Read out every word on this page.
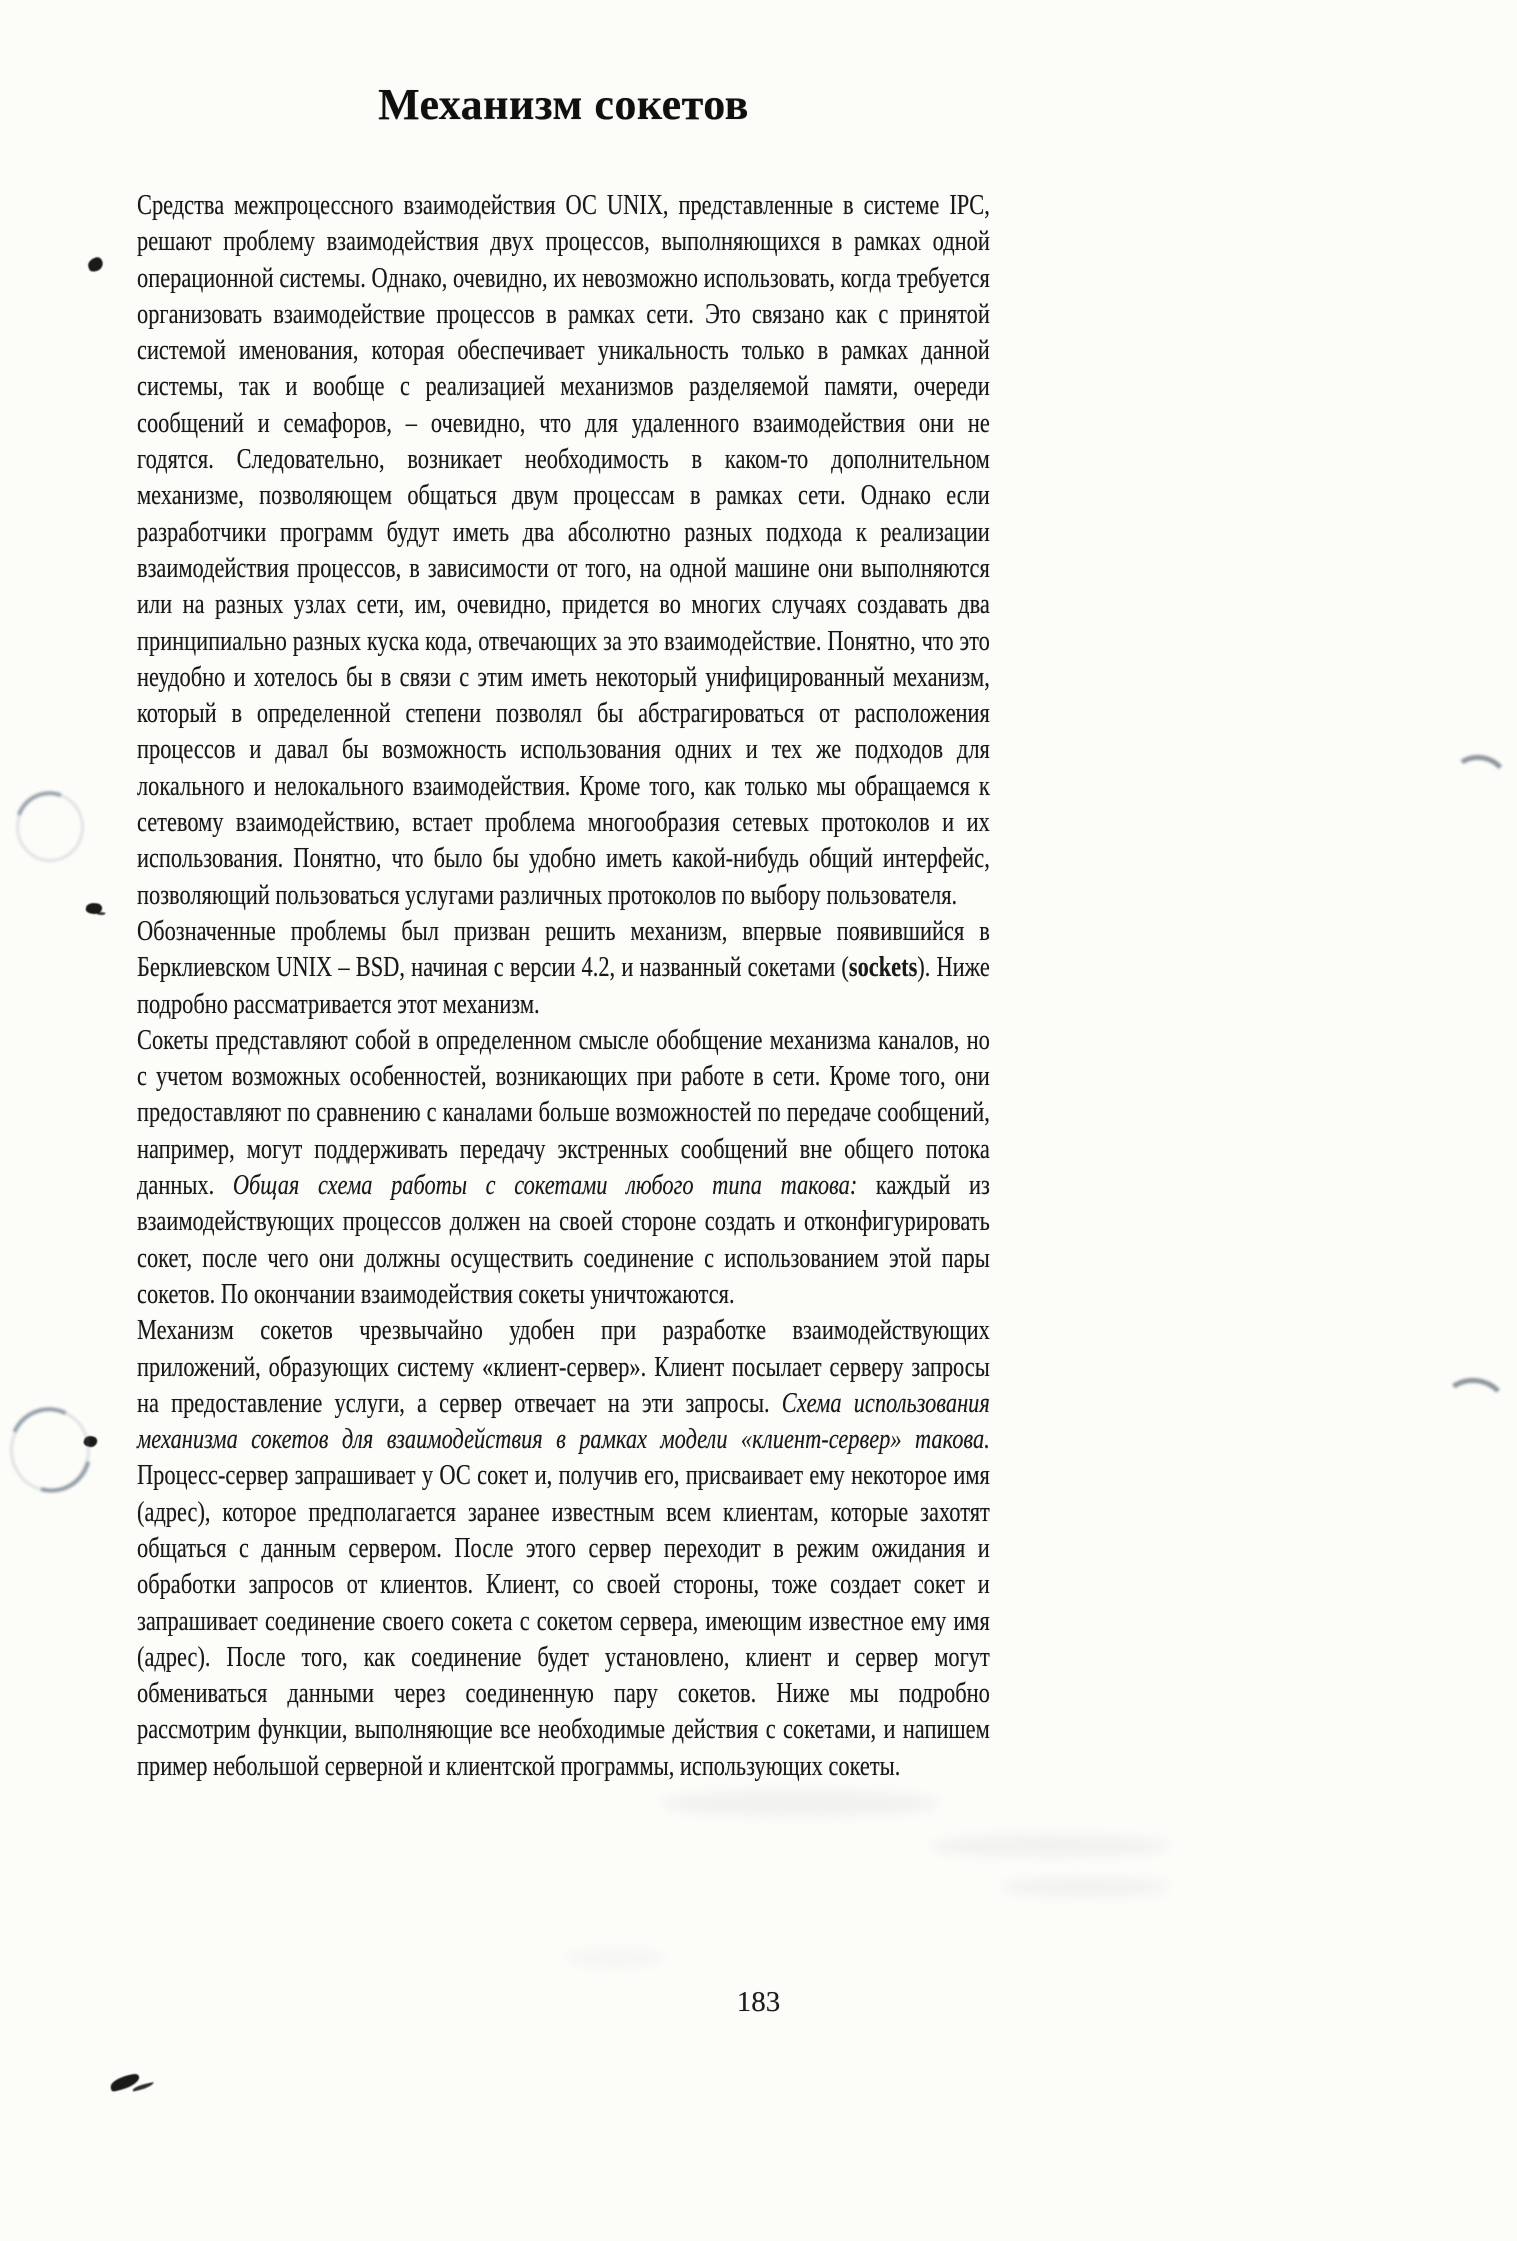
Механизм сокетов

Средства межпроцессного взаимодействия ОС UNIX, представленные в системе IPC, решают проблему взаимодействия двух процессов, выполняющихся в рамках одной операционной системы. Однако, очевидно, их невозможно использовать, когда требуется организовать взаимодействие процессов в рамках сети. Это связано как с принятой системой именования, которая обеспечивает уникальность только в рамках данной системы, так и вообще с реализацией механизмов разделяемой памяти, очереди сообщений и семафоров, – очевидно, что для удаленного взаимодействия они не годятся. Следовательно, возникает необходимость в каком-то дополнительном механизме, позволяющем общаться двум процессам в рамках сети. Однако если разработчики программ будут иметь два абсолютно разных подхода к реализации взаимодействия процессов, в зависимости от того, на одной машине они выполняются или на разных узлах сети, им, очевидно, придется во многих случаях создавать два принципиально разных куска кода, отвечающих за это взаимодействие. Понятно, что это неудобно и хотелось бы в связи с этим иметь некоторый унифицированный механизм, который в определенной степени позволял бы абстрагироваться от расположения процессов и давал бы возможность использования одних и тех же подходов для локального и нелокального взаимодействия. Кроме того, как только мы обращаемся к сетевому взаимодействию, встает проблема многообразия сетевых протоколов и их использования. Понятно, что было бы удобно иметь какой-нибудь общий интерфейс, позволяющий пользоваться услугами различных протоколов по выбору пользователя.

Обозначенные проблемы был призван решить механизм, впервые появившийся в Берклиевском UNIX – BSD, начиная с версии 4.2, и названный сокетами (sockets). Ниже подробно рассматривается этот механизм.

Сокеты представляют собой в определенном смысле обобщение механизма каналов, но с учетом возможных особенностей, возникающих при работе в сети. Кроме того, они предоставляют по сравнению с каналами больше возможностей по передаче сообщений, например, могут поддерживать передачу экстренных сообщений вне общего потока данных. Общая схема работы с сокетами любого типа такова: каждый из взаимодействующих процессов должен на своей стороне создать и отконфигурировать сокет, после чего они должны осуществить соединение с использованием этой пары сокетов. По окончании взаимодействия сокеты уничтожаются.

Механизм сокетов чрезвычайно удобен при разработке взаимодействующих приложений, образующих систему «клиент-сервер». Клиент посылает серверу запросы на предоставление услуги, а сервер отвечает на эти запросы. Схема использования механизма сокетов для взаимодействия в рамках модели «клиент-сервер» такова. Процесс-сервер запрашивает у ОС сокет и, получив его, присваивает ему некоторое имя (адрес), которое предполагается заранее известным всем клиентам, которые захотят общаться с данным сервером. После этого сервер переходит в режим ожидания и обработки запросов от клиентов. Клиент, со своей стороны, тоже создает сокет и запрашивает соединение своего сокета с сокетом сервера, имеющим известное ему имя (адрес). После того, как соединение будет установлено, клиент и сервер могут обмениваться данными через соединенную пару сокетов. Ниже мы подробно рассмотрим функции, выполняющие все необходимые действия с сокетами, и напишем пример небольшой серверной и клиентской программы, использующих сокеты.

183
